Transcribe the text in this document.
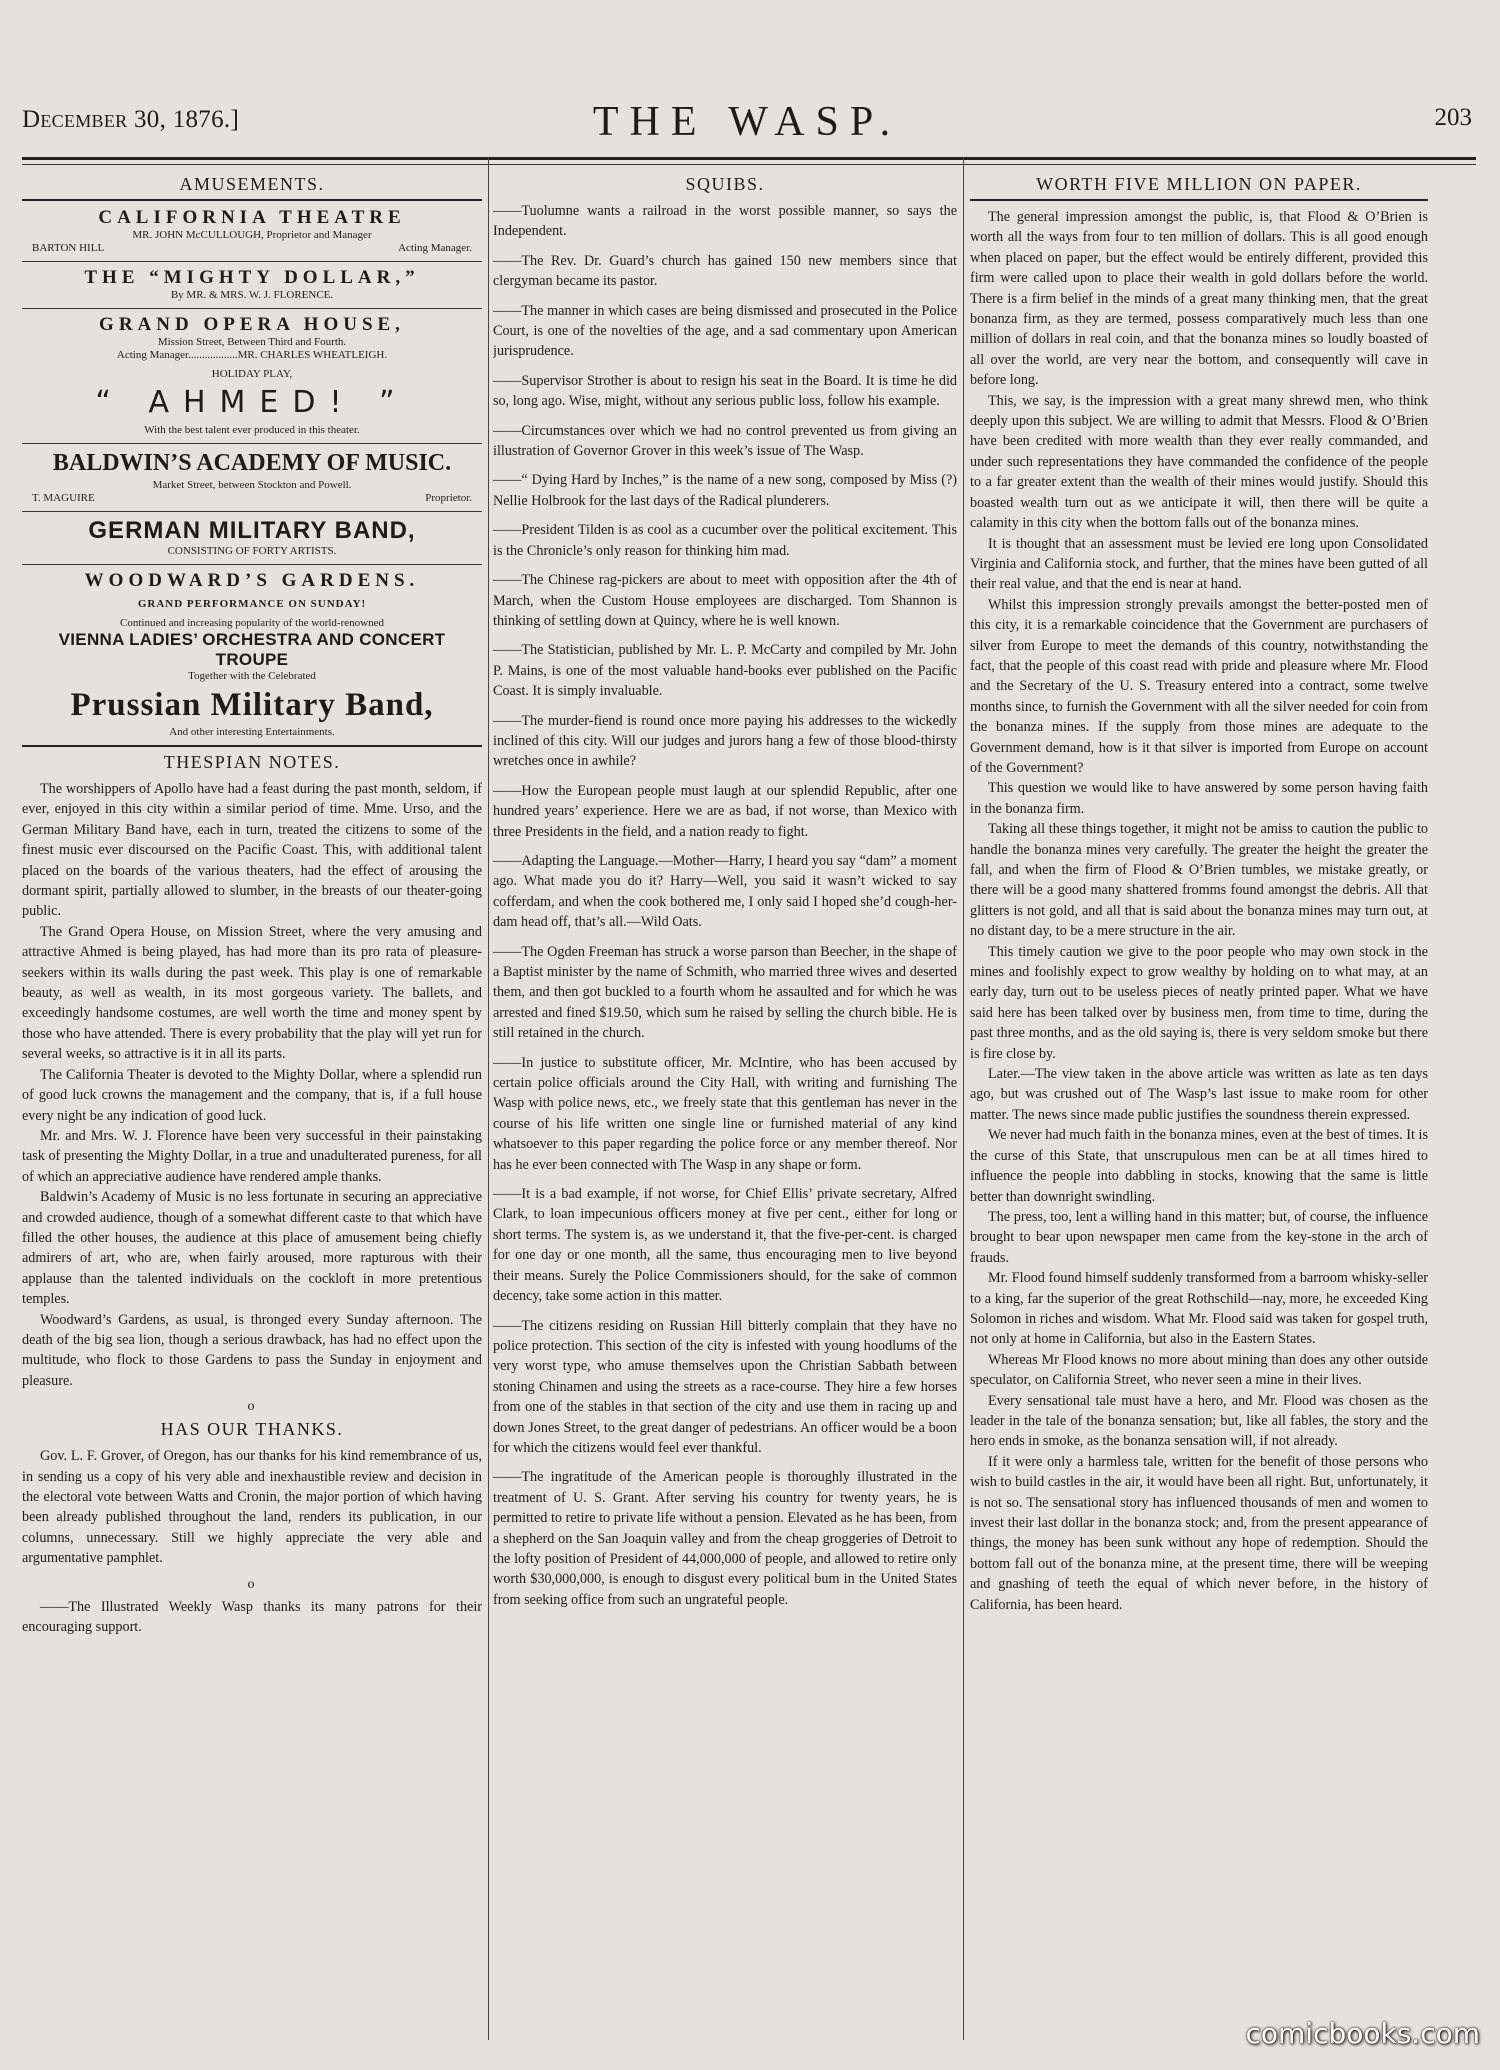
December 30, 1876.]	THE WASP.	203
AMUSEMENTS.
CALIFORNIA THEATRE
MR. JOHN McCULLOUGH, Proprietor and Manager
BARTON HILL	Acting Manager.
THE “MIGHTY DOLLAR,”
By MR. & MRS. W. J. FLORENCE.
GRAND OPERA HOUSE,
Mission Street, Between Third and Fourth.
Acting Manager..................MR. CHARLES WHEATLEIGH.
HOLIDAY PLAY,
“ AHMED! ”
With the best talent ever produced in this theater.
BALDWIN’S ACADEMY OF MUSIC.
Market Street, between Stockton and Powell.
T. MAGUIRE	Proprietor.
GERMAN MILITARY BAND,
CONSISTING OF FORTY ARTISTS.
WOODWARD’S GARDENS.
GRAND PERFORMANCE ON SUNDAY!
Continued and increasing popularity of the world-renowned
VIENNA LADIES’ ORCHESTRA AND CONCERT TROUPE
Together with the Celebrated
Prussian Military Band,
And other interesting Entertainments.
THESPIAN NOTES.

The worshippers of Apollo have had a feast during the past month, seldom, if ever, enjoyed in this city within a similar period of time. Mme. Urso, and the German Military Band have, each in turn, treated the citizens to some of the finest music ever discoursed on the Pacific Coast. This, with additional talent placed on the boards of the various theaters, had the effect of arousing the dormant spirit, partially allowed to slumber, in the breasts of our theater-going public.

The Grand Opera House, on Mission Street, where the very amusing and attractive Ahmed is being played, has had more than its pro rata of pleasure-seekers within its walls during the past week. This play is one of remarkable beauty, as well as wealth, in its most gorgeous variety. The ballets, and exceedingly handsome costumes, are well worth the time and money spent by those who have attended. There is every probability that the play will yet run for several weeks, so attractive is it in all its parts.

The California Theater is devoted to the Mighty Dollar, where a splendid run of good luck crowns the management and the company, that is, if a full house every night be any indication of good luck.

Mr. and Mrs. W. J. Florence have been very successful in their painstaking task of presenting the Mighty Dollar, in a true and unadulterated pureness, for all of which an appreciative audience have rendered ample thanks.

Baldwin’s Academy of Music is no less fortunate in securing an appreciative and crowded audience, though of a somewhat different caste to that which have filled the other houses, the audience at this place of amusement being chiefly admirers of art, who are, when fairly aroused, more rapturous with their applause than the talented individuals on the cockloft in more pretentious temples.

Woodward’s Gardens, as usual, is thronged every Sunday afternoon. The death of the big sea lion, though a serious drawback, has had no effect upon the multitude, who flock to those Gardens to pass the Sunday in enjoyment and pleasure.

o
HAS OUR THANKS.

Gov. L. F. Grover, of Oregon, has our thanks for his kind remembrance of us, in sending us a copy of his very able and inexhaustible review and decision in the electoral vote between Watts and Cronin, the major portion of which having been already published throughout the land, renders its publication, in our columns, unnecessary. Still we highly appreciate the very able and argumentative pamphlet.

o

——The Illustrated Weekly Wasp thanks its many patrons for their encouraging support.

SQUIBS.

——Tuolumne wants a railroad in the worst possible manner, so says the Independent.

——The Rev. Dr. Guard’s church has gained 150 new members since that clergyman became its pastor.

——The manner in which cases are being dismissed and prosecuted in the Police Court, is one of the novelties of the age, and a sad commentary upon American jurisprudence.

——Supervisor Strother is about to resign his seat in the Board. It is time he did so, long ago. Wise, might, without any serious public loss, follow his example.

——Circumstances over which we had no control prevented us from giving an illustration of Governor Grover in this week’s issue of The Wasp.

——“ Dying Hard by Inches,” is the name of a new song, composed by Miss (?) Nellie Holbrook for the last days of the Radical plunderers.

——President Tilden is as cool as a cucumber over the political excitement. This is the Chronicle’s only reason for thinking him mad.

——The Chinese rag-pickers are about to meet with opposition after the 4th of March, when the Custom House employees are discharged. Tom Shannon is thinking of settling down at Quincy, where he is well known.

——The Statistician, published by Mr. L. P. McCarty and compiled by Mr. John P. Mains, is one of the most valuable hand-books ever published on the Pacific Coast. It is simply invaluable.

——The murder-fiend is round once more paying his addresses to the wickedly inclined of this city. Will our judges and jurors hang a few of those blood-thirsty wretches once in awhile?

——How the European people must laugh at our splendid Republic, after one hundred years’ experience. Here we are as bad, if not worse, than Mexico with three Presidents in the field, and a nation ready to fight.

——Adapting the Language.—Mother—Harry, I heard you say “dam” a moment ago. What made you do it? Harry—Well, you said it wasn’t wicked to say cofferdam, and when the cook bothered me, I only said I hoped she’d cough-her-dam head off, that’s all.—Wild Oats.

——The Ogden Freeman has struck a worse parson than Beecher, in the shape of a Baptist minister by the name of Schmith, who married three wives and deserted them, and then got buckled to a fourth whom he assaulted and for which he was arrested and fined $19.50, which sum he raised by selling the church bible. He is still retained in the church.

——In justice to substitute officer, Mr. McIntire, who has been accused by certain police officials around the City Hall, with writing and furnishing The Wasp with police news, etc., we freely state that this gentleman has never in the course of his life written one single line or furnished material of any kind whatsoever to this paper regarding the police force or any member thereof. Nor has he ever been connected with The Wasp in any shape or form.

——It is a bad example, if not worse, for Chief Ellis’ private secretary, Alfred Clark, to loan impecunious officers money at five per cent., either for long or short terms. The system is, as we understand it, that the five-per-cent. is charged for one day or one month, all the same, thus encouraging men to live beyond their means. Surely the Police Commissioners should, for the sake of common decency, take some action in this matter.

——The citizens residing on Russian Hill bitterly complain that they have no police protection. This section of the city is infested with young hoodlums of the very worst type, who amuse themselves upon the Christian Sabbath between stoning Chinamen and using the streets as a race-course. They hire a few horses from one of the stables in that section of the city and use them in racing up and down Jones Street, to the great danger of pedestrians. An officer would be a boon for which the citizens would feel ever thankful.

——The ingratitude of the American people is thoroughly illustrated in the treatment of U. S. Grant. After serving his country for twenty years, he is permitted to retire to private life without a pension. Elevated as he has been, from a shepherd on the San Joaquin valley and from the cheap groggeries of Detroit to the lofty position of President of 44,000,000 of people, and allowed to retire only worth $30,000,000, is enough to disgust every political bum in the United States from seeking office from such an ungrateful people.

WORTH FIVE MILLION ON PAPER.

The general impression amongst the public, is, that Flood & O’Brien is worth all the ways from four to ten million of dollars. This is all good enough when placed on paper, but the effect would be entirely different, provided this firm were called upon to place their wealth in gold dollars before the world. There is a firm belief in the minds of a great many thinking men, that the great bonanza firm, as they are termed, possess comparatively much less than one million of dollars in real coin, and that the bonanza mines so loudly boasted of all over the world, are very near the bottom, and consequently will cave in before long.

This, we say, is the impression with a great many shrewd men, who think deeply upon this subject. We are willing to admit that Messrs. Flood & O’Brien have been credited with more wealth than they ever really commanded, and under such representations they have commanded the confidence of the people to a far greater extent than the wealth of their mines would justify. Should this boasted wealth turn out as we anticipate it will, then there will be quite a calamity in this city when the bottom falls out of the bonanza mines.

It is thought that an assessment must be levied ere long upon Consolidated Virginia and California stock, and further, that the mines have been gutted of all their real value, and that the end is near at hand.

Whilst this impression strongly prevails amongst the better-posted men of this city, it is a remarkable coincidence that the Government are purchasers of silver from Europe to meet the demands of this country, notwithstanding the fact, that the people of this coast read with pride and pleasure where Mr. Flood and the Secretary of the U. S. Treasury entered into a contract, some twelve months since, to furnish the Government with all the silver needed for coin from the bonanza mines. If the supply from those mines are adequate to the Government demand, how is it that silver is imported from Europe on account of the Government?

This question we would like to have answered by some person having faith in the bonanza firm.

Taking all these things together, it might not be amiss to caution the public to handle the bonanza mines very carefully. The greater the height the greater the fall, and when the firm of Flood & O’Brien tumbles, we mistake greatly, or there will be a good many shattered fromms found amongst the debris. All that glitters is not gold, and all that is said about the bonanza mines may turn out, at no distant day, to be a mere structure in the air.

This timely caution we give to the poor people who may own stock in the mines and foolishly expect to grow wealthy by holding on to what may, at an early day, turn out to be useless pieces of neatly printed paper. What we have said here has been talked over by business men, from time to time, during the past three months, and as the old saying is, there is very seldom smoke but there is fire close by.

Later.—The view taken in the above article was written as late as ten days ago, but was crushed out of The Wasp’s last issue to make room for other matter. The news since made public justifies the soundness therein expressed.

We never had much faith in the bonanza mines, even at the best of times. It is the curse of this State, that unscrupulous men can be at all times hired to influence the people into dabbling in stocks, knowing that the same is little better than downright swindling.

The press, too, lent a willing hand in this matter; but, of course, the influence brought to bear upon newspaper men came from the key-stone in the arch of frauds.

Mr. Flood found himself suddenly transformed from a barroom whisky-seller to a king, far the superior of the great Rothschild—nay, more, he exceeded King Solomon in riches and wisdom. What Mr. Flood said was taken for gospel truth, not only at home in California, but also in the Eastern States.

Whereas Mr Flood knows no more about mining than does any other outside speculator, on California Street, who never seen a mine in their lives.

Every sensational tale must have a hero, and Mr. Flood was chosen as the leader in the tale of the bonanza sensation; but, like all fables, the story and the hero ends in smoke, as the bonanza sensation will, if not already.

If it were only a harmless tale, written for the benefit of those persons who wish to build castles in the air, it would have been all right. But, unfortunately, it is not so. The sensational story has influenced thousands of men and women to invest their last dollar in the bonanza stock; and, from the present appearance of things, the money has been sunk without any hope of redemption. Should the bottom fall out of the bonanza mine, at the present time, there will be weeping and gnashing of teeth the equal of which never before, in the history of California, has been heard.

comicbooks.com
